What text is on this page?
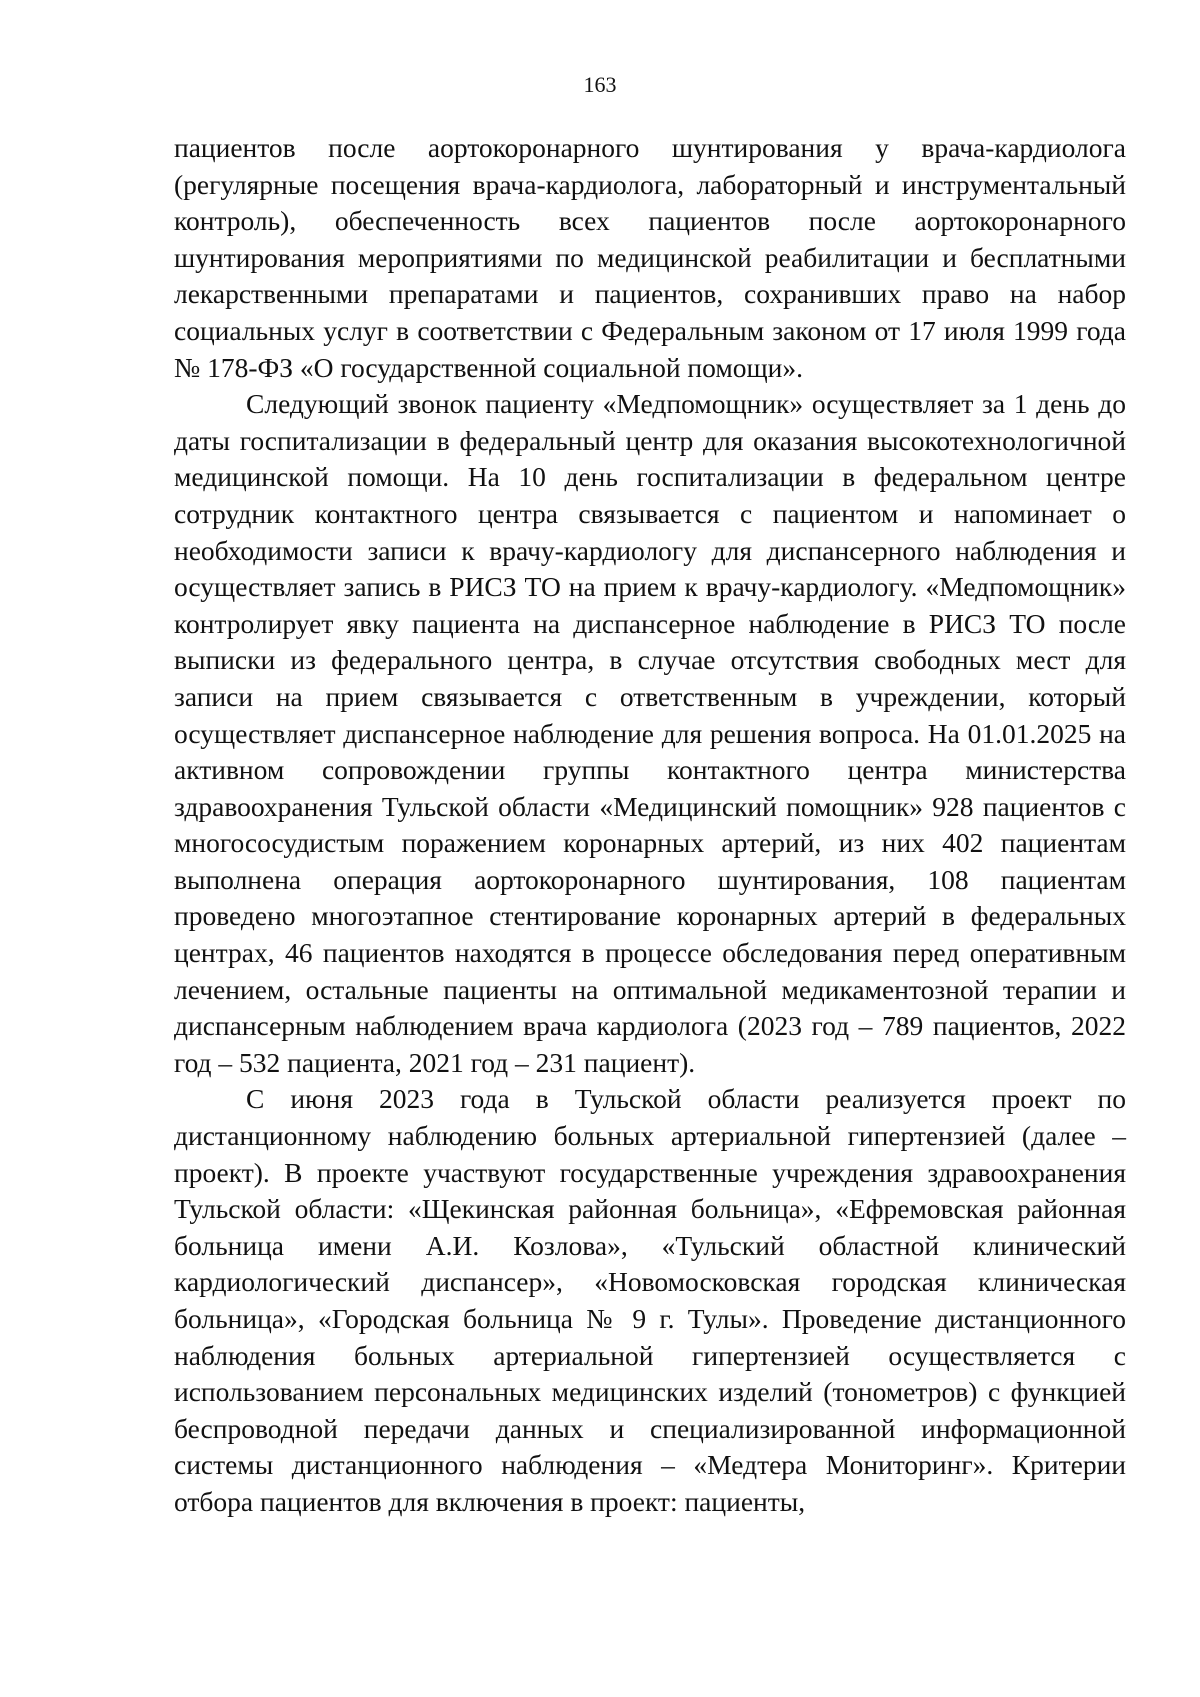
163

пациентов после аортокоронарного шунтирования у врача-кардиолога (регулярные посещения врача-кардиолога, лабораторный и инструментальный контроль), обеспеченность всех пациентов после аортокоронарного шунтирования мероприятиями по медицинской реабилитации и бесплатными лекарственными препаратами и пациентов, сохранивших право на набор социальных услуг в соответствии с Федеральным законом от 17 июля 1999 года № 178-ФЗ «О государственной социальной помощи».

Следующий звонок пациенту «Медпомощник» осуществляет за 1 день до даты госпитализации в федеральный центр для оказания высокотехнологичной медицинской помощи. На 10 день госпитализации в федеральном центре сотрудник контактного центра связывается с пациентом и напоминает о необходимости записи к врачу-кардиологу для диспансерного наблюдения и осуществляет запись в РИСЗ ТО на прием к врачу-кардиологу. «Медпомощник» контролирует явку пациента на диспансерное наблюдение в РИСЗ ТО после выписки из федерального центра, в случае отсутствия свободных мест для записи на прием связывается с ответственным в учреждении, который осуществляет диспансерное наблюдение для решения вопроса. На 01.01.2025 на активном сопровождении группы контактного центра министерства здравоохранения Тульской области «Медицинский помощник» 928 пациентов с многососудистым поражением коронарных артерий, из них 402 пациентам выполнена операция аортокоронарного шунтирования, 108 пациентам проведено многоэтапное стентирование коронарных артерий в федеральных центрах, 46 пациентов находятся в процессе обследования перед оперативным лечением, остальные пациенты на оптимальной медикаментозной терапии и диспансерным наблюдением врача кардиолога (2023 год – 789 пациентов, 2022 год – 532 пациента, 2021 год – 231 пациент).

С июня 2023 года в Тульской области реализуется проект по дистанционному наблюдению больных артериальной гипертензией (далее – проект). В проекте участвуют государственные учреждения здравоохранения Тульской области: «Щекинская районная больница», «Ефремовская районная больница имени А.И. Козлова», «Тульский областной клинический кардиологический диспансер», «Новомосковская городская клиническая больница», «Городская больница № 9 г. Тулы». Проведение дистанционного наблюдения больных артериальной гипертензией осуществляется с использованием персональных медицинских изделий (тонометров) с функцией беспроводной передачи данных и специализированной информационной системы дистанционного наблюдения – «Медтера Мониторинг». Критерии отбора пациентов для включения в проект: пациенты,
